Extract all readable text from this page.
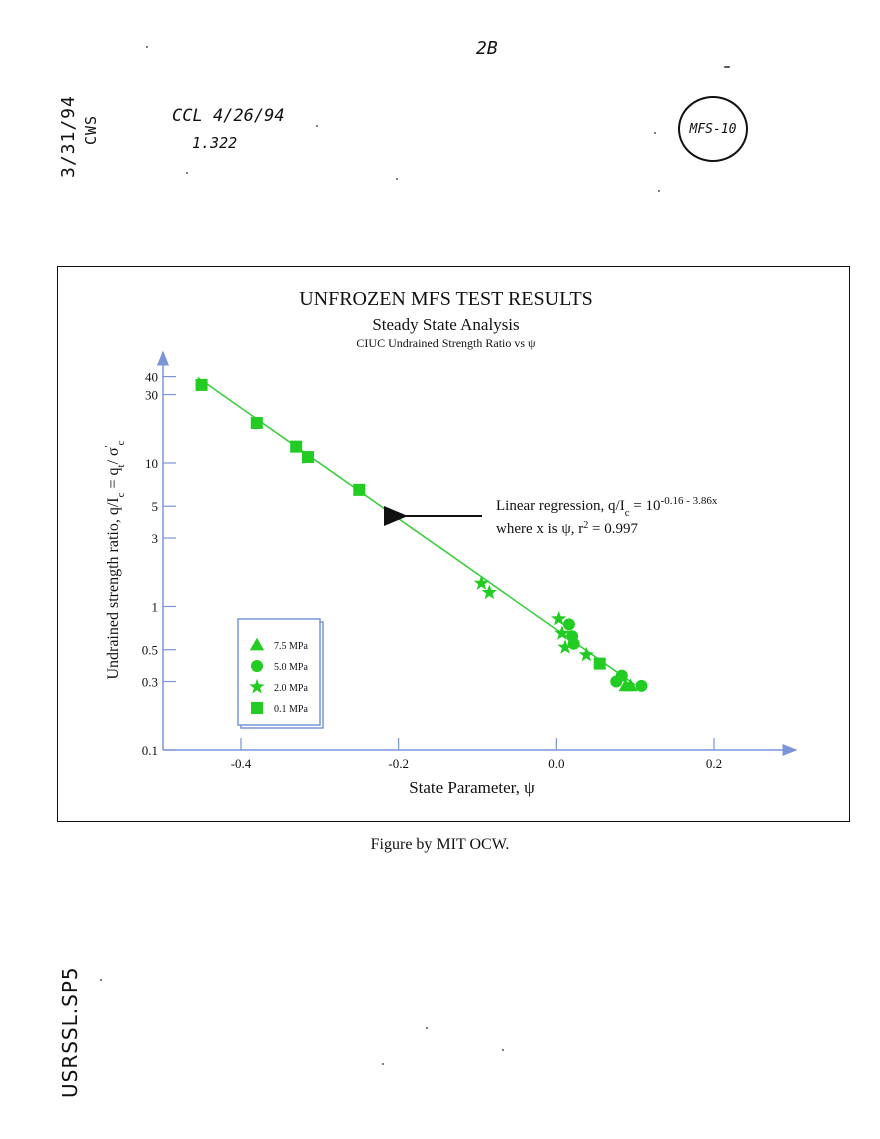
2B
3/31/94 CWS	CCL 4/26/94
1.322
MFS-10
USRSSL.SP5
UNFROZEN MFS TEST RESULTS
Steady State Analysis
CIUC Undrained Strength Ratio vs ψ
0.1
0.3
0.5
1
3
5
10
30
40
-0.4	-0.2	0.0	0.2
Undrained strength ratio, $q/I_c = q_t/$ $\sigma'_c$
State Parameter, ψ
Linear regression, $q/I_c = 10^{-0.16 - 3.86x}$
where x is ψ, $r^2 = 0.997$
7.5 MPa
5.0 MPa
2.0 MPa
0.1 MPa
Figure by MIT OCW.
